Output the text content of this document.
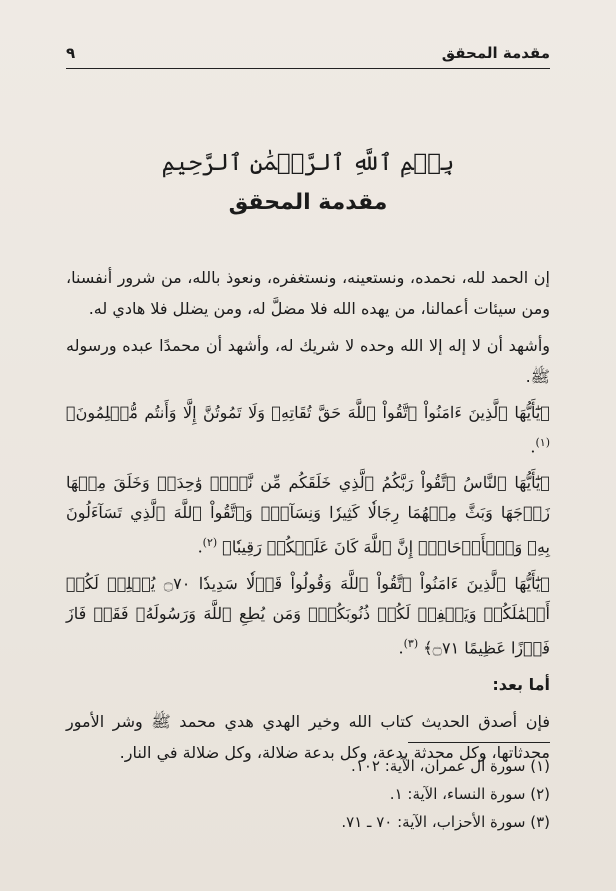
مقدمة المحقق
٩
بِسۡمِ ٱللَّهِ ٱلرَّحۡمَٰنِ ٱلرَّحِيمِ
مقدمة المحقق

إن الحمد لله، نحمده، ونستعينه، ونستغفره، ونعوذ بالله، من شرور أنفسنا، ومن سيئات أعمالنا، من يهده الله فلا مضلَّ له، ومن يضلل فلا هادي له.

وأشهد أن لا إله إلا الله وحده لا شريك له، وأشهد أن محمدًا عبده ورسوله ﷺ.

﴿يَٰٓأَيُّهَا ٱلَّذِينَ ءَامَنُواْ ٱتَّقُواْ ٱللَّهَ حَقَّ تُقَاتِهِۦ وَلَا تَمُوتُنَّ إِلَّا وَأَنتُم مُّسۡلِمُونَ﴾ $^{(١)}$.

﴿يَٰٓأَيُّهَا ٱلنَّاسُ ٱتَّقُواْ رَبَّكُمُ ٱلَّذِي خَلَقَكُم مِّن نَّفۡسٖ وَٰحِدَةٖ وَخَلَقَ مِنۡهَا زَوۡجَهَا وَبَثَّ مِنۡهُمَا رِجَالٗا كَثِيرٗا وَنِسَآءٗۚ وَٱتَّقُواْ ٱللَّهَ ٱلَّذِي تَسَآءَلُونَ بِهِۦ وَٱلۡأَرۡحَامَۚ إِنَّ ٱللَّهَ كَانَ عَلَيۡكُمۡ رَقِيبٗا﴾ $^{(٢)}$.

﴿يَٰٓأَيُّهَا ٱلَّذِينَ ءَامَنُواْ ٱتَّقُواْ ٱللَّهَ وَقُولُواْ قَوۡلٗا سَدِيدٗا ۝٧٠ يُصۡلِحۡ لَكُمۡ أَعۡمَٰلَكُمۡ وَيَغۡفِرۡ لَكُمۡ ذُنُوبَكُمۡۗ وَمَن يُطِعِ ٱللَّهَ وَرَسُولَهُۥ فَقَدۡ فَازَ فَوۡزًا عَظِيمًا ۝٧١﴾ $^{(٣)}$.

أما بعد:

فإن أصدق الحديث كتاب الله وخير الهدي هدي محمد ﷺ وشر الأمور محدثاتها، وكل محدثة بدعة، وكل بدعة ضلالة، وكل ضلالة في النار.

(١) سورة آل عمران، الآية: ١٠٢.
(٢) سورة النساء، الآية: ١.
(٣) سورة الأحزاب، الآية: ٧٠ ـ ٧١.
